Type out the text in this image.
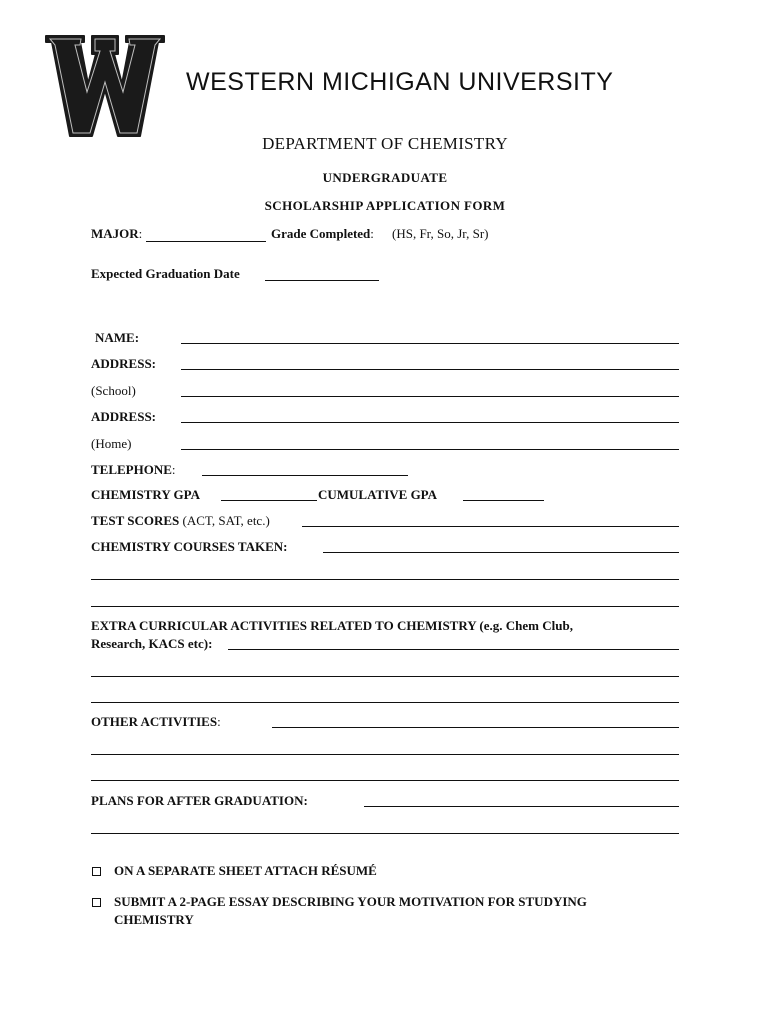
WESTERN MICHIGAN UNIVERSITY
DEPARTMENT OF CHEMISTRY
UNDERGRADUATE
SCHOLARSHIP APPLICATION FORM
MAJOR:	Grade Completed: (HS, Fr, So, Jr, Sr)
Expected Graduation Date
NAME:
ADDRESS:
(School)
ADDRESS:
(Home)
TELEPHONE:
CHEMISTRY GPA	CUMULATIVE GPA
TEST SCORES (ACT, SAT, etc.)
CHEMISTRY COURSES TAKEN:
EXTRA CURRICULAR ACTIVITIES RELATED TO CHEMISTRY (e.g. Chem Club,
Research, KACS etc):
OTHER ACTIVITIES:
PLANS FOR AFTER GRADUATION:
ON A SEPARATE SHEET ATTACH RÉSUMÉ
SUBMIT A 2-PAGE ESSAY DESCRIBING YOUR MOTIVATION FOR STUDYING
CHEMISTRY
